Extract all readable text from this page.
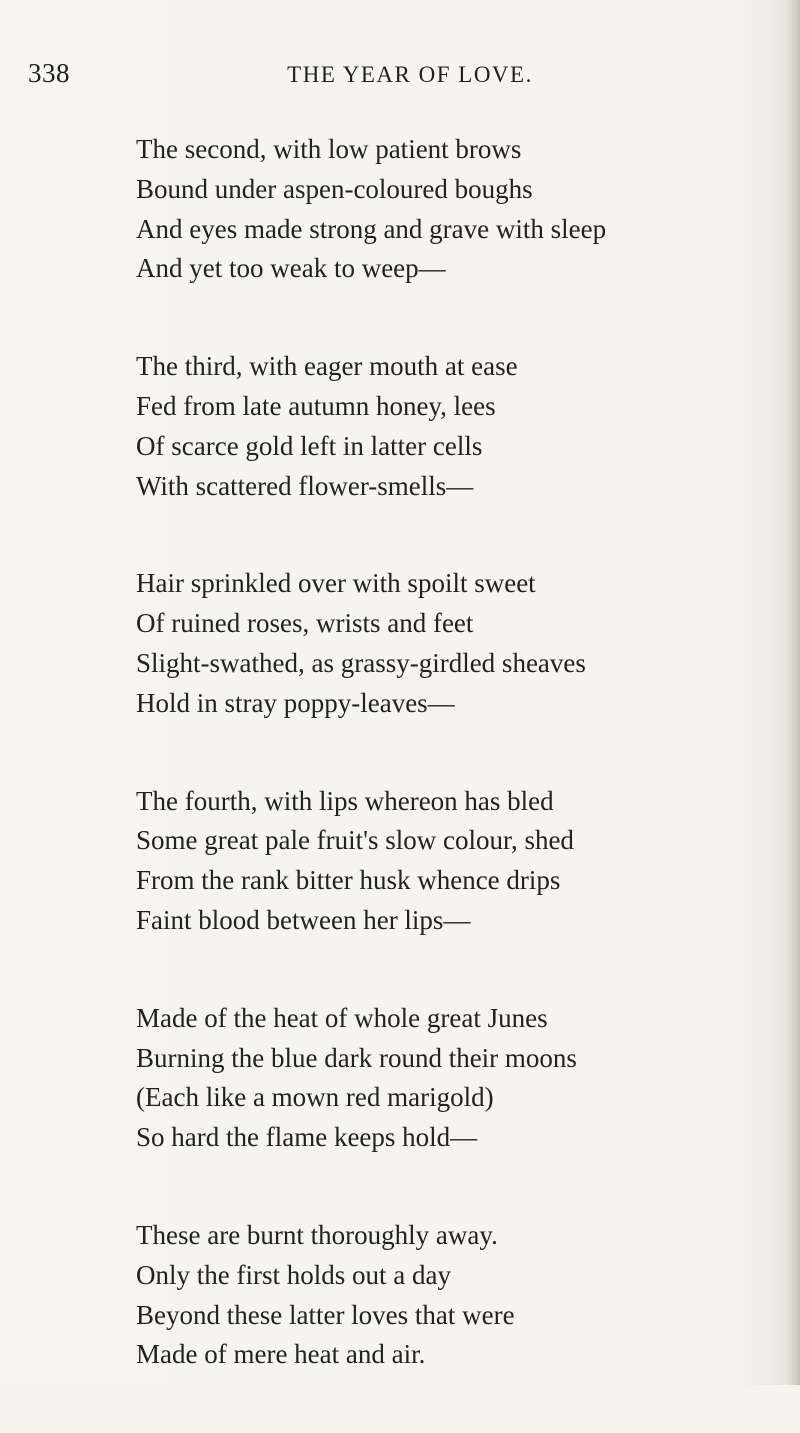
338	THE YEAR OF LOVE.
The second, with low patient brows
Bound under aspen-coloured boughs
And eyes made strong and grave with sleep
And yet too weak to weep—
The third, with eager mouth at ease
Fed from late autumn honey, lees
Of scarce gold left in latter cells
With scattered flower-smells—
Hair sprinkled over with spoilt sweet
Of ruined roses, wrists and feet
Slight-swathed, as grassy-girdled sheaves
Hold in stray poppy-leaves—
The fourth, with lips whereon has bled
Some great pale fruit's slow colour, shed
From the rank bitter husk whence drips
Faint blood between her lips—
Made of the heat of whole great Junes
Burning the blue dark round their moons
(Each like a mown red marigold)
So hard the flame keeps hold—
These are burnt thoroughly away.
Only the first holds out a day
Beyond these latter loves that were
Made of mere heat and air.
